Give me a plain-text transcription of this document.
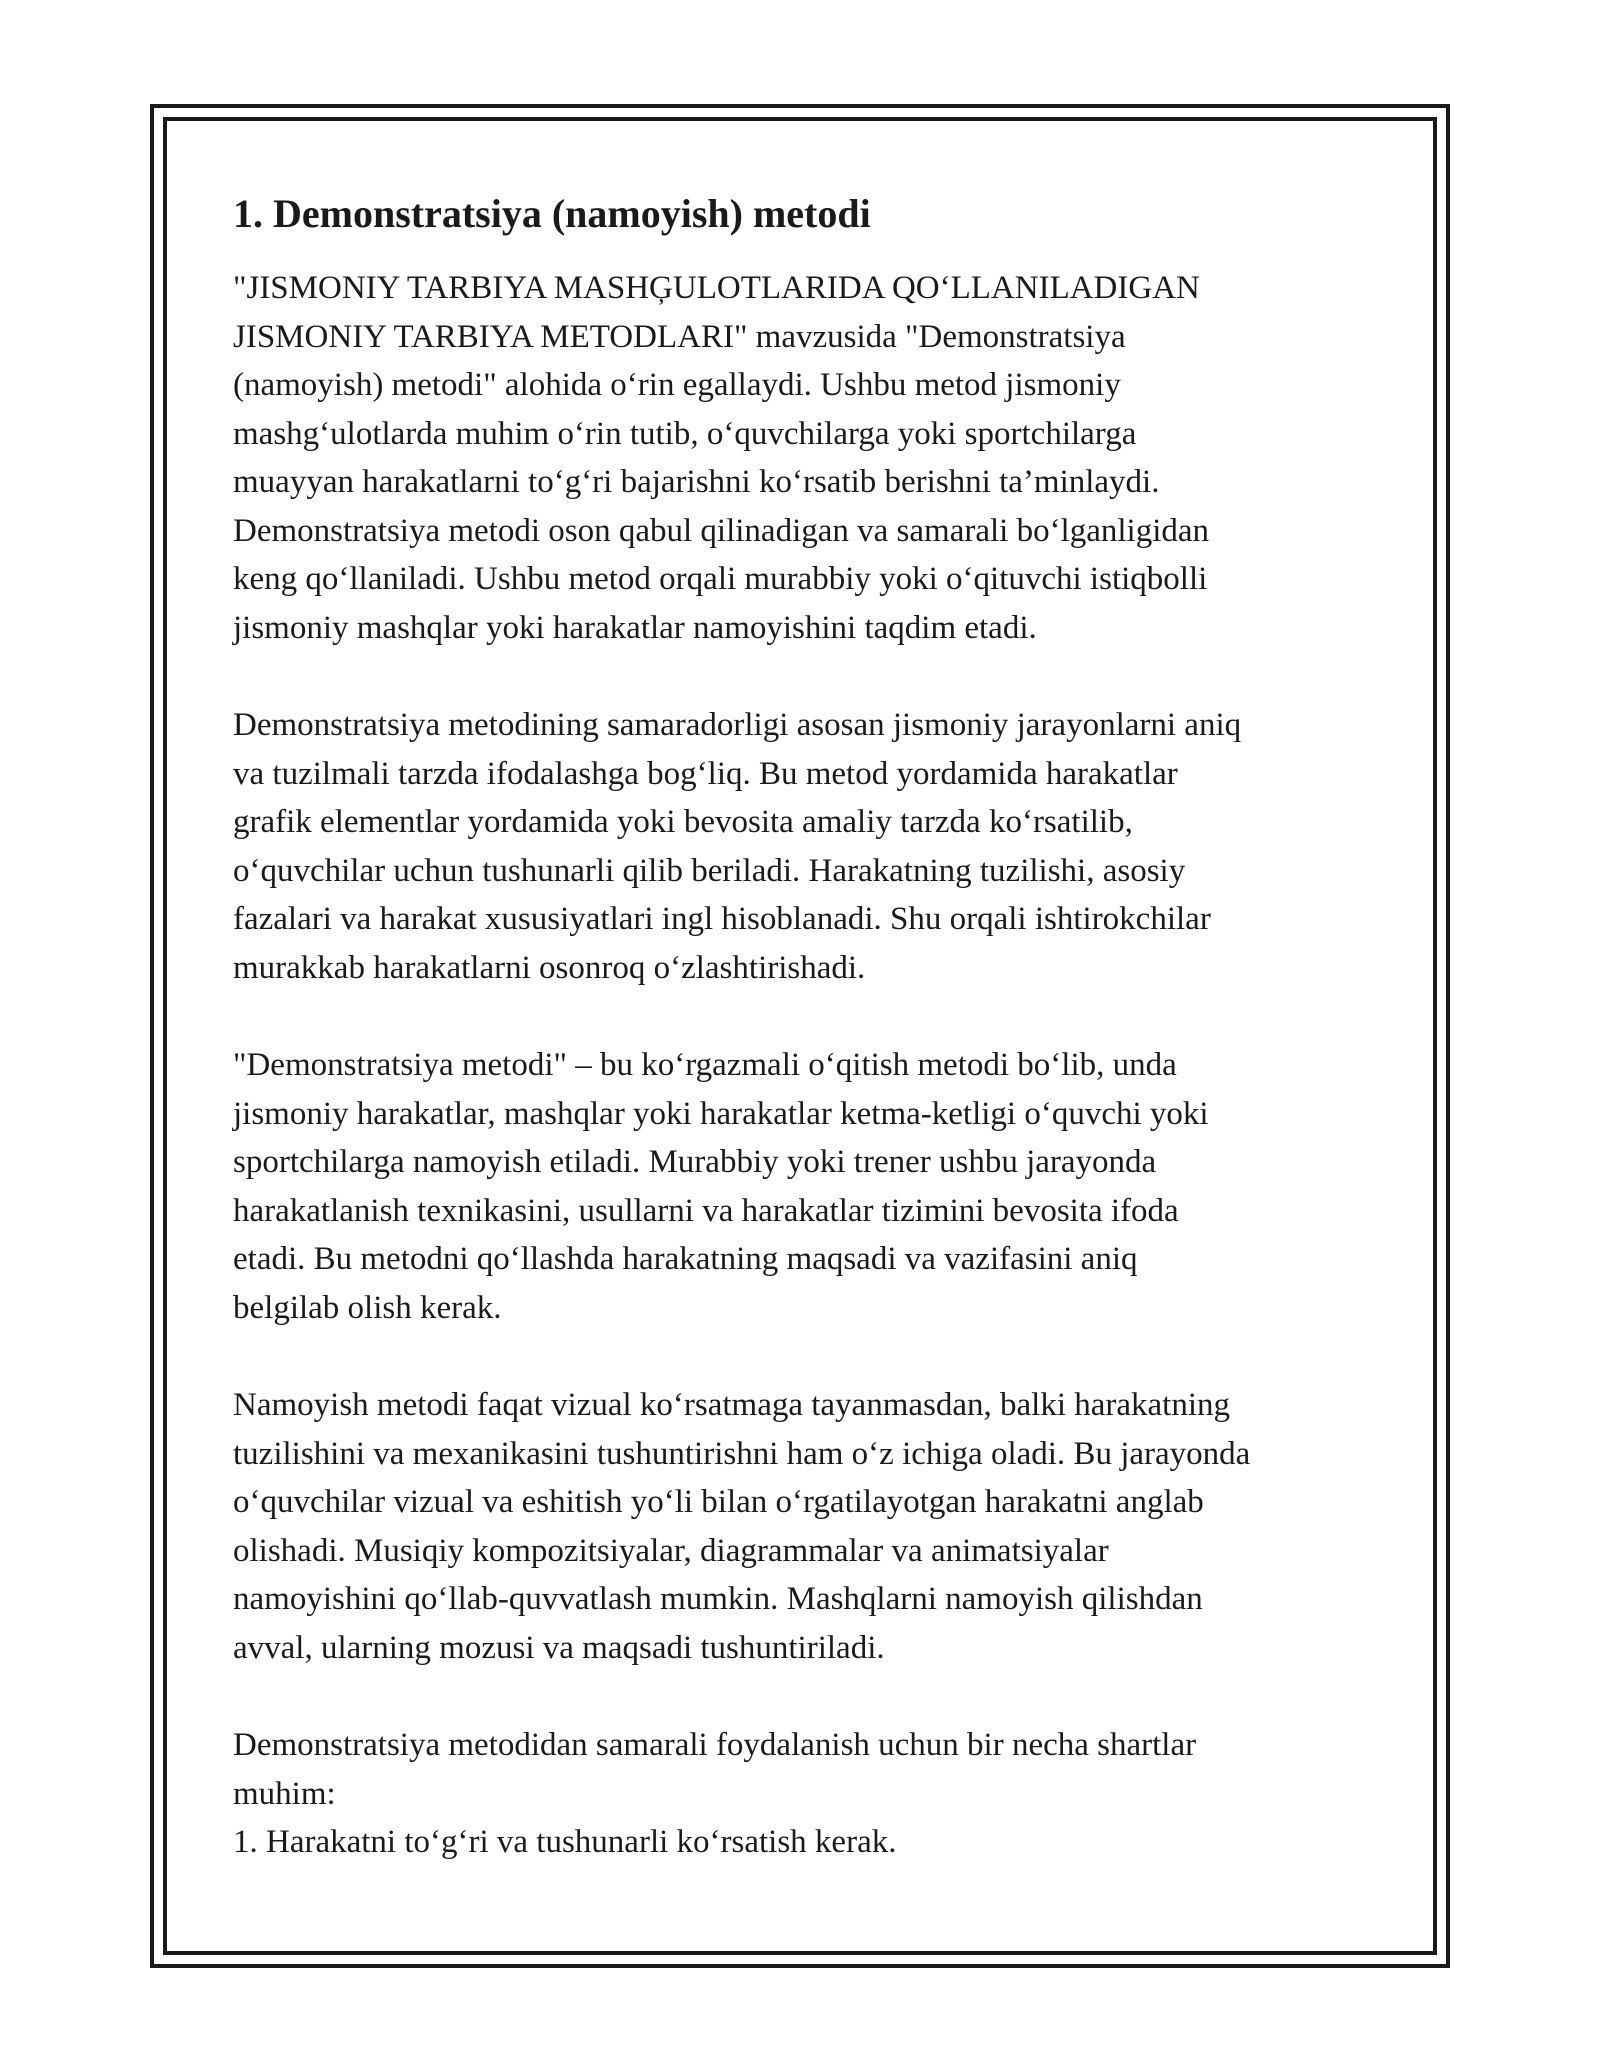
1. Demonstratsiya (namoyish) metodi

"JISMONIY TARBIYA MASHĢULOTLARIDA QO‘LLANILADIGAN
JISMONIY TARBIYA METODLARI" mavzusida "Demonstratsiya
(namoyish) metodi" alohida o‘rin egallaydi. Ushbu metod jismoniy
mashg‘ulotlarda muhim o‘rin tutib, o‘quvchilarga yoki sportchilarga
muayyan harakatlarni to‘g‘ri bajarishni ko‘rsatib berishni ta’minlaydi.
Demonstratsiya metodi oson qabul qilinadigan va samarali bo‘lganligidan
keng qo‘llaniladi. Ushbu metod orqali murabbiy yoki o‘qituvchi istiqbolli
jismoniy mashqlar yoki harakatlar namoyishini taqdim etadi.

Demonstratsiya metodining samaradorligi asosan jismoniy jarayonlarni aniq
va tuzilmali tarzda ifodalashga bog‘liq. Bu metod yordamida harakatlar
grafik elementlar yordamida yoki bevosita amaliy tarzda ko‘rsatilib,
o‘quvchilar uchun tushunarli qilib beriladi. Harakatning tuzilishi, asosiy
fazalari va harakat xususiyatlari ingl hisoblanadi. Shu orqali ishtirokchilar
murakkab harakatlarni osonroq o‘zlashtirishadi.

"Demonstratsiya metodi" – bu ko‘rgazmali o‘qitish metodi bo‘lib, unda
jismoniy harakatlar, mashqlar yoki harakatlar ketma-ketligi o‘quvchi yoki
sportchilarga namoyish etiladi. Murabbiy yoki trener ushbu jarayonda
harakatlanish texnikasini, usullarni va harakatlar tizimini bevosita ifoda
etadi. Bu metodni qo‘llashda harakatning maqsadi va vazifasini aniq
belgilab olish kerak.

Namoyish metodi faqat vizual ko‘rsatmaga tayanmasdan, balki harakatning
tuzilishini va mexanikasini tushuntirishni ham o‘z ichiga oladi. Bu jarayonda
o‘quvchilar vizual va eshitish yo‘li bilan o‘rgatilayotgan harakatni anglab
olishadi. Musiqiy kompozitsiyalar, diagrammalar va animatsiyalar
namoyishini qo‘llab-quvvatlash mumkin. Mashqlarni namoyish qilishdan
avval, ularning mozusi va maqsadi tushuntiriladi.

Demonstratsiya metodidan samarali foydalanish uchun bir necha shartlar
muhim:
1. Harakatni to‘g‘ri va tushunarli ko‘rsatish kerak.
